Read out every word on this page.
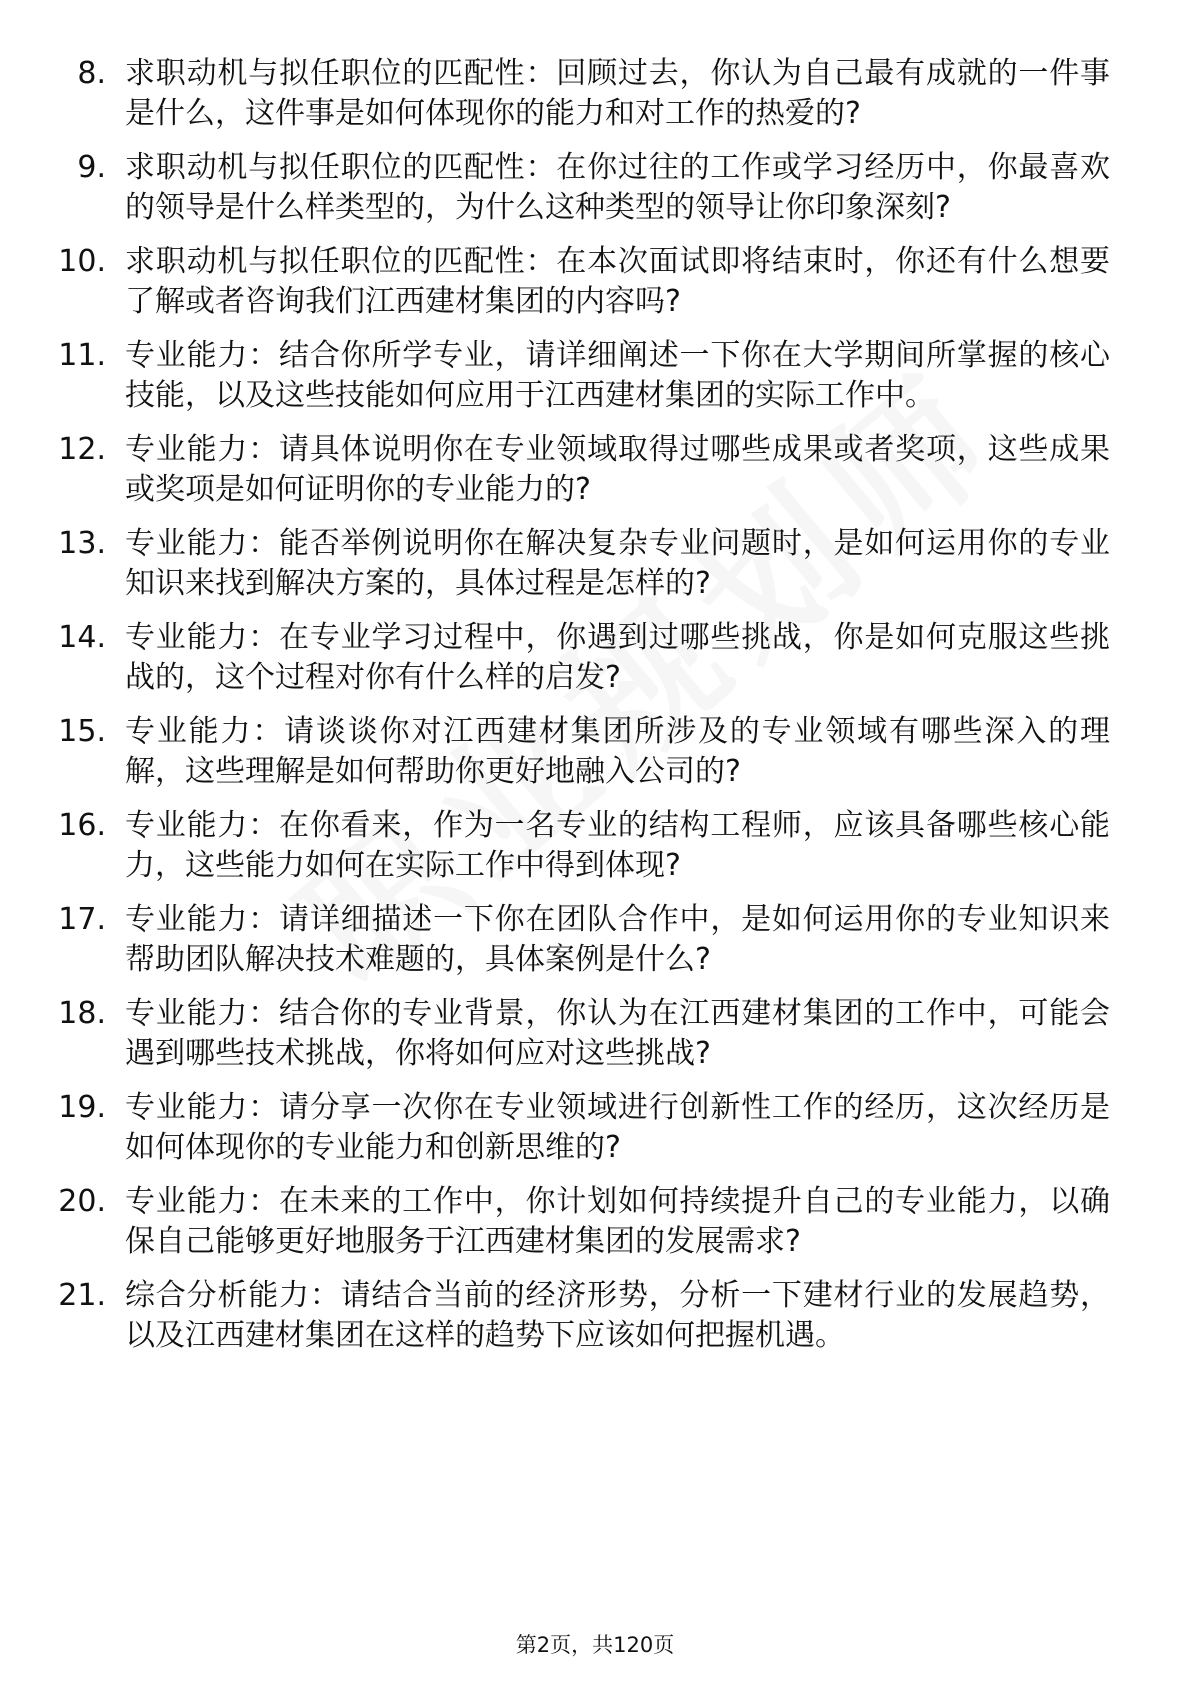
8. 求职动机与拟任职位的匹配性：回顾过去，你认为自己最有成就的一件事是什么，这件事是如何体现你的能力和对工作的热爱的?
9. 求职动机与拟任职位的匹配性：在你过往的工作或学习经历中，你最喜欢的领导是什么样类型的，为什么这种类型的领导让你印象深刻?
10. 求职动机与拟任职位的匹配性：在本次面试即将结束时，你还有什么想要了解或者咨询我们江西建材集团的内容吗?
11. 专业能力：结合你所学专业，请详细阐述一下你在大学期间所掌握的核心技能，以及这些技能如何应用于江西建材集团的实际工作中。
12. 专业能力：请具体说明你在专业领域取得过哪些成果或者奖项，这些成果或奖项是如何证明你的专业能力的?
13. 专业能力：能否举例说明你在解决复杂专业问题时，是如何运用你的专业知识来找到解决方案的，具体过程是怎样的?
14. 专业能力：在专业学习过程中，你遇到过哪些挑战，你是如何克服这些挑战的，这个过程对你有什么样的启发?
15. 专业能力：请谈谈你对江西建材集团所涉及的专业领域有哪些深入的理解，这些理解是如何帮助你更好地融入公司的?
16. 专业能力：在你看来，作为一名专业的结构工程师，应该具备哪些核心能力，这些能力如何在实际工作中得到体现?
17. 专业能力：请详细描述一下你在团队合作中，是如何运用你的专业知识来帮助团队解决技术难题的，具体案例是什么?
18. 专业能力：结合你的专业背景，你认为在江西建材集团的工作中，可能会遇到哪些技术挑战，你将如何应对这些挑战?
19. 专业能力：请分享一次你在专业领域进行创新性工作的经历，这次经历是如何体现你的专业能力和创新思维的?
20. 专业能力：在未来的工作中，你计划如何持续提升自己的专业能力，以确保自己能够更好地服务于江西建材集团的发展需求?
21. 综合分析能力：请结合当前的经济形势，分析一下建材行业的发展趋势，以及江西建材集团在这样的趋势下应该如何把握机遇。
第2页，共120页
